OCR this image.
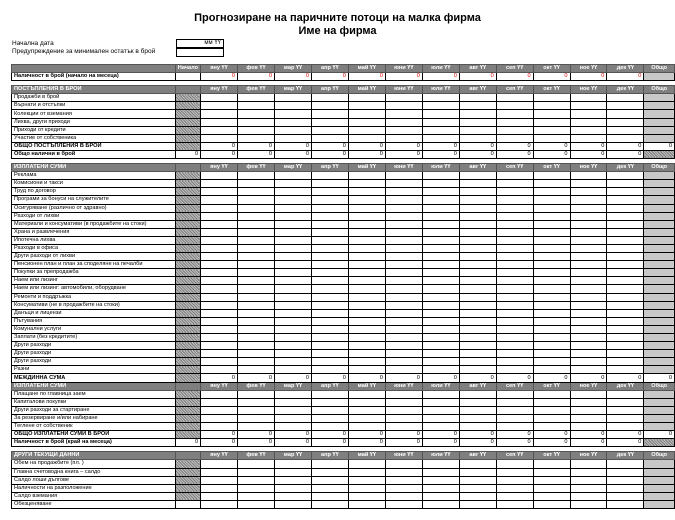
Прогнозиране на паричните потоци на малка фирма
Име на фирма
Начална дата
Предупреждение за минимален остатък в брой
мм ҮҮ
	Начало	яну ҮҮ	фев ҮҮ	мар ҮҮ	апр ҮҮ	май ҮҮ	юни ҮҮ	юли ҮҮ	авг ҮҮ	сеп ҮҮ	окт ҮҮ	ное ҮҮ	дек ҮҮ	Общо
Наличност в брой (начало на месеца)		0	0	0	0	0	0	0	0	0	0	0	0	

ПОСТЪПЛЕНИЯ В БРОЙ		яну ҮҮ	фев ҮҮ	мар ҮҮ	апр ҮҮ	май ҮҮ	юни ҮҮ	юли ҮҮ	авг ҮҮ	сеп ҮҮ	окт ҮҮ	ное ҮҮ	дек ҮҮ	Общо
Продажби в брой														
Върнати и отстъпки														
Колекции от вземания														
Лихва, други приходи														
Приходи от кредити														
Участие от собственика														
ОБЩО ПОСТЪПЛЕНИЯ В БРОЙ		0	0	0	0	0	0	0	0	0	0	0	0	0
Общо налични в брой	0	0	0	0	0	0	0	0	0	0	0	0	0	

ИЗПЛАТЕНИ СУМИ		яну ҮҮ	фев ҮҮ	мар ҮҮ	апр ҮҮ	май ҮҮ	юни ҮҮ	юли ҮҮ	авг ҮҮ	сеп ҮҮ	окт ҮҮ	ное ҮҮ	дек ҮҮ	Общо
Реклама														
Комисиони и такси														
Труд по договор														
Програми за бонуси на служителите														
Осигуряване (различно от здравно)														
Разходи от лихви														
Материали и консумативи (в продажбите на стоки)														
Храна и развлечения														
Ипотечна лихва														
Разходи в офиса														
Други разходи от лихви														
Пенсионен план и план за споделяне на печалби														
Покупки за препродажба														
Наем или лизинг														
Наем или лизинг: автомобили, оборудване														
Ремонти и поддръжка														
Консумативи (не в продажбите на стоки)														
Данъци и лицензи														
Пътувания														
Комунални услуги														
Заплати (без кредитите)														
Други разходи														
Други разходи														
Други разходи														
Разни														
МЕЖДИННА СУМА		0	0	0	0	0	0	0	0	0	0	0	0	0
ИЗПЛАТЕНИ СУМИ		яну ҮҮ	фев ҮҮ	мар ҮҮ	апр ҮҮ	май ҮҮ	юни ҮҮ	юли ҮҮ	авг ҮҮ	сеп ҮҮ	окт ҮҮ	ное ҮҮ	дек ҮҮ	Общо
Плащане по главница заем														
Капиталови покупки														
Други разходи за стартиране														
За резервиране и/или набиране														
Теглене от собственик														
ОБЩО ИЗПЛАТЕНИ СУМИ В БРОЙ		0	0	0	0	0	0	0	0	0	0	0	0	0
Наличност в брой (край на месеца)	0	0	0	0	0	0	0	0	0	0	0	0	0	

ДРУГИ ТЕКУЩИ ДАННИ		яну ҮҮ	фев ҮҮ	мар ҮҮ	апр ҮҮ	май ҮҮ	юни ҮҮ	юли ҮҮ	авг ҮҮ	сеп ҮҮ	окт ҮҮ	ное ҮҮ	дек ҮҮ	Общо
Обем на продажбите (пл. )														
Главна счетоводна книга – салдо														
Салдо лоши дългове														
Наличности на разположение														
Салдо вземания														
Обезценяване														
